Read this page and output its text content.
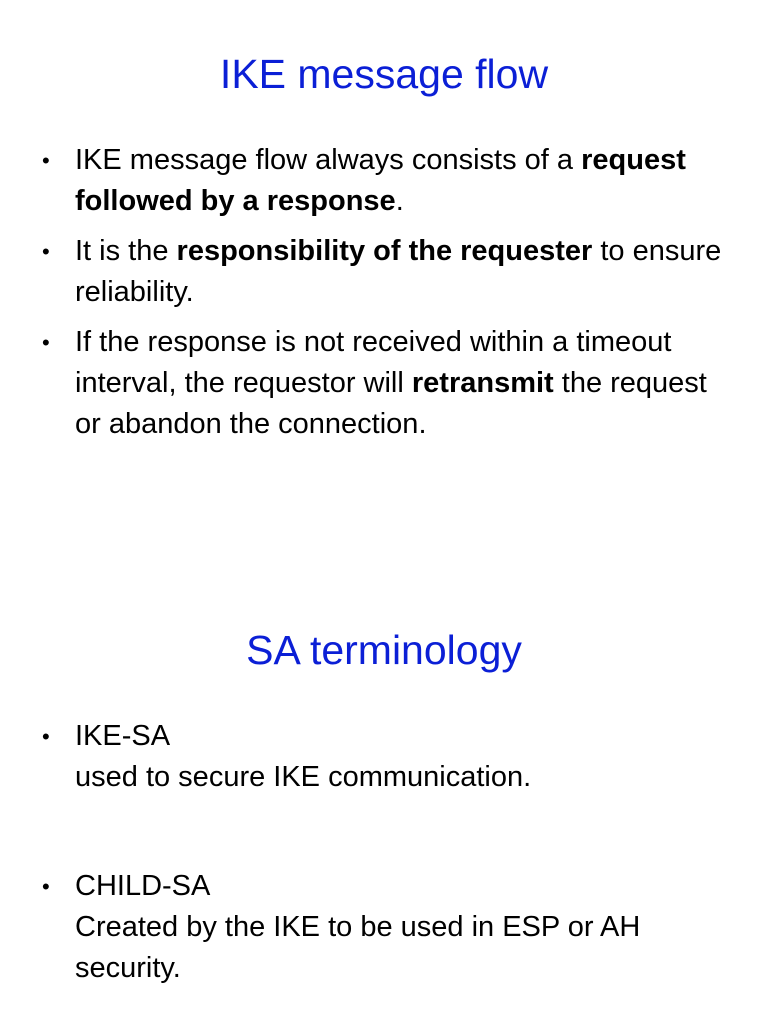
IKE message flow
• IKE message flow always consists of a request followed by a response.
• It is the responsibility of the requester to ensure reliability.
• If the response is not received within a timeout interval, the requestor will retransmit the request or abandon the connection.
SA terminology
• IKE-SA
used to secure IKE communication.
• CHILD-SA
Created by the IKE to be used in ESP or AH security.
